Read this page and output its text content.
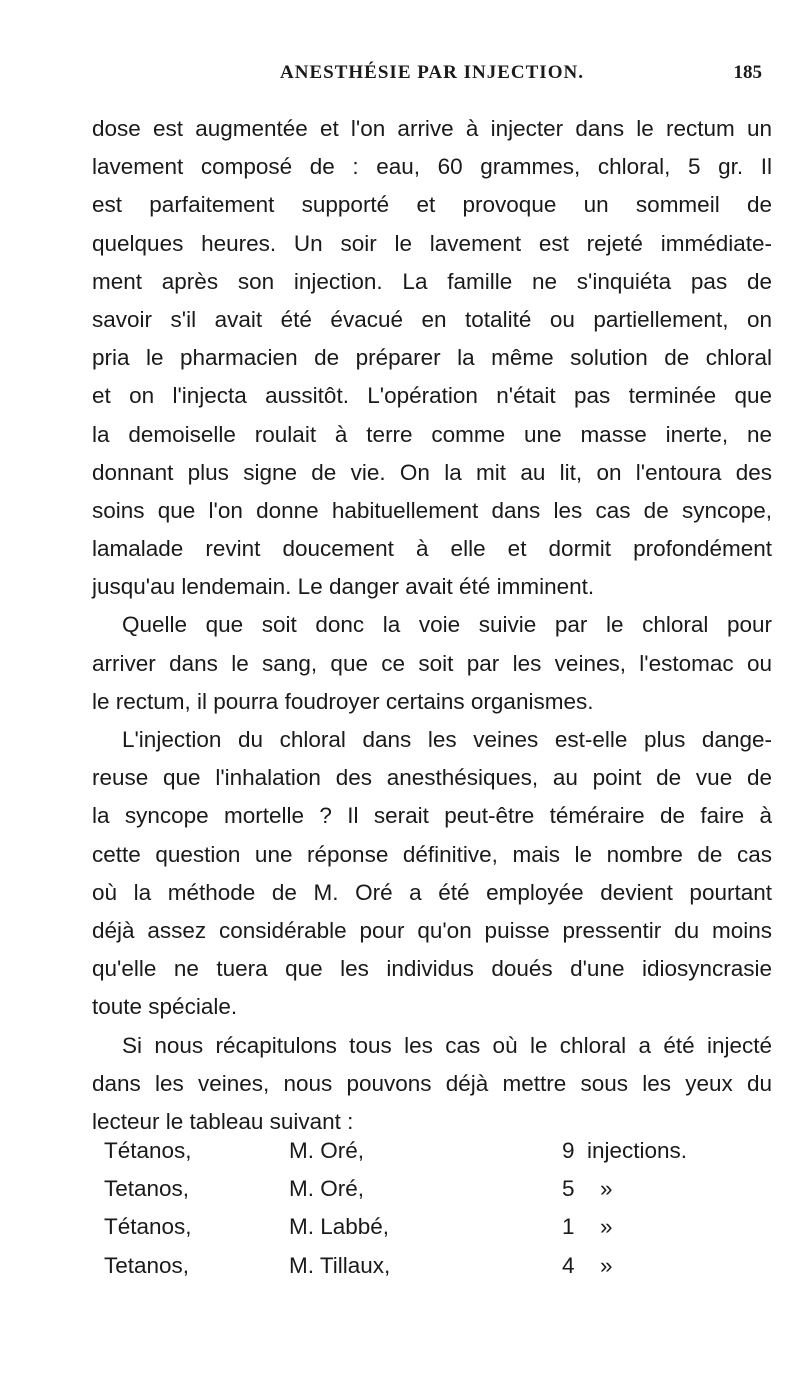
ANESTHÉSIE PAR INJECTION.	185
dose est augmentée et l'on arrive à injecter dans le rectum un
lavement composé de : eau, 60 grammes, chloral, 5 gr. Il
est parfaitement supporté et provoque un sommeil de
quelques heures. Un soir le lavement est rejeté immédiate-
ment après son injection. La famille ne s'inquiéta pas de
savoir s'il avait été évacué en totalité ou partiellement, on
pria le pharmacien de préparer la même solution de chloral
et on l'injecta aussitôt. L'opération n'était pas terminée que
la demoiselle roulait à terre comme une masse inerte, ne
donnant plus signe de vie. On la mit au lit, on l'entoura des
soins que l'on donne habituellement dans les cas de syncope,
lamalade revint doucement à elle et dormit profondément
jusqu'au lendemain. Le danger avait été imminent.
Quelle que soit donc la voie suivie par le chloral pour
arriver dans le sang, que ce soit par les veines, l'estomac ou
le rectum, il pourra foudroyer certains organismes.
L'injection du chloral dans les veines est-elle plus dange-
reuse que l'inhalation des anesthésiques, au point de vue de
la syncope mortelle ? Il serait peut-être téméraire de faire à
cette question une réponse définitive, mais le nombre de cas
où la méthode de M. Oré a été employée devient pourtant
déjà assez considérable pour qu'on puisse pressentir du moins
qu'elle ne tuera que les individus doués d'une idiosyncrasie
toute spéciale.
Si nous récapitulons tous les cas où le chloral a été injecté
dans les veines, nous pouvons déjà mettre sous les yeux du
lecteur le tableau suivant :
Tétanos,	M. Oré,	9 injections.
Tetanos,	M. Oré,	5 »
Tétanos,	M. Labbé,	1 »
Tetanos,	M. Tillaux,	4 »
